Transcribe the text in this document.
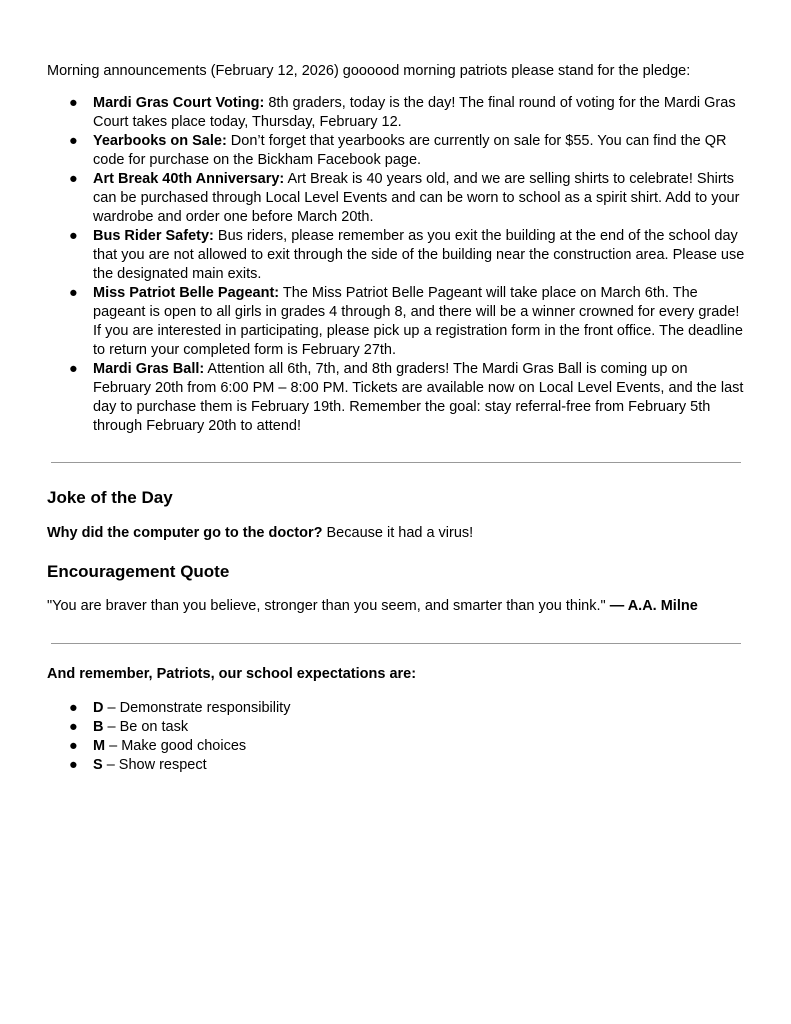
Morning announcements (February 12, 2026) goooood morning patriots please stand for the pledge:

● Mardi Gras Court Voting: 8th graders, today is the day! The final round of voting for the Mardi Gras Court takes place today, Thursday, February 12.
● Yearbooks on Sale: Don’t forget that yearbooks are currently on sale for $55. You can find the QR code for purchase on the Bickham Facebook page.
● Art Break 40th Anniversary: Art Break is 40 years old, and we are selling shirts to celebrate! Shirts can be purchased through Local Level Events and can be worn to school as a spirit shirt. Add to your wardrobe and order one before March 20th.
● Bus Rider Safety: Bus riders, please remember as you exit the building at the end of the school day that you are not allowed to exit through the side of the building near the construction area. Please use the designated main exits.
● Miss Patriot Belle Pageant: The Miss Patriot Belle Pageant will take place on March 6th. The pageant is open to all girls in grades 4 through 8, and there will be a winner crowned for every grade! If you are interested in participating, please pick up a registration form in the front office. The deadline to return your completed form is February 27th.
● Mardi Gras Ball: Attention all 6th, 7th, and 8th graders! The Mardi Gras Ball is coming up on February 20th from 6:00 PM – 8:00 PM. Tickets are available now on Local Level Events, and the last day to purchase them is February 19th. Remember the goal: stay referral-free from February 5th through February 20th to attend!
Joke of the Day

Why did the computer go to the doctor? Because it had a virus!

Encouragement Quote

"You are braver than you believe, stronger than you seem, and smarter than you think." — A.A. Milne

And remember, Patriots, our school expectations are:

● D – Demonstrate responsibility
● B – Be on task
● M – Make good choices
● S – Show respect
